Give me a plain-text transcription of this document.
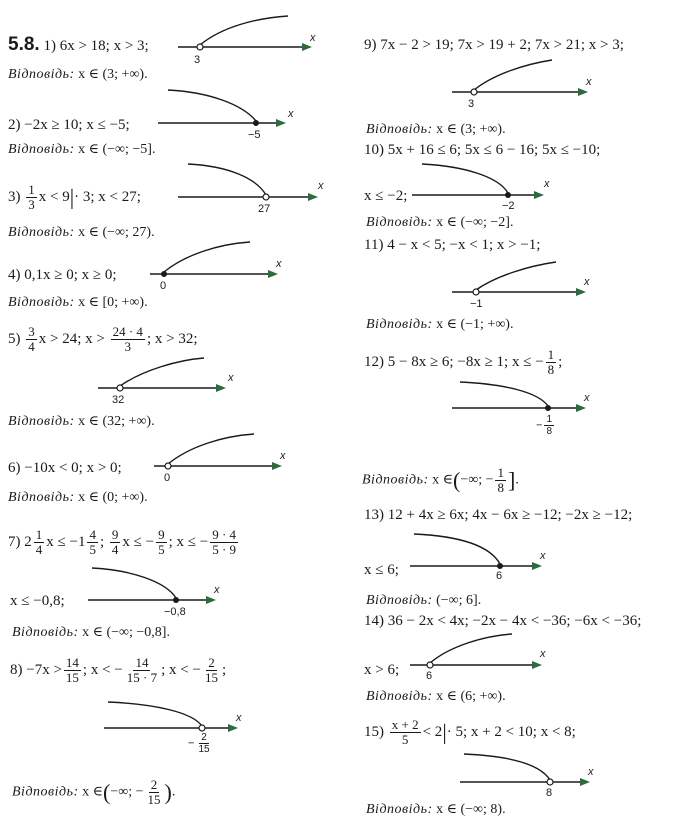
5.8. 1) 6x > 18; x > 3;
3
x
Відповідь: x ∈ (3; +∞).
2) −2x ≥ 10; x ≤ −5;
−5
x
Відповідь: x ∈ (−∞; −5].
$3) \frac{1}{3}$ x < 9|· 3; x < 27;
27
x
Відповідь: x ∈ (−∞; 27).
4) 0,1x ≥ 0; x ≥ 0;
0
x
Відповідь: x ∈ [0; +∞).
$5) \frac{3}{4}$ x > 24; $x > \frac{24 \cdot 4}{3}$ ; x > 32;
32
x
Відповідь: x ∈ (32; +∞).
6) −10x < 0; x > 0;
0
x
Відповідь: x ∈ (0; +∞).
7) $2 \frac{1}{4}$ $x \le -1 \frac{4}{5}$ ; $\frac{9}{4}$ x ≤ − $\frac{9}{5}$ ; x ≤ − $\frac{9 \cdot 4}{5 \cdot 9}$
x ≤ −0,8;
−0,8
x
Відповідь: x ∈ (−∞; −0,8].
$8) -7x > \frac{14}{15}$ ; x < − $\frac{14}{15 \cdot 7}$ ; x < − $\frac{2}{15}$ ;
− $\frac{2}{15}$
x
Відповідь: x ∈(−∞; − $\frac{2}{15}$ ).
9) 7x − 2 > 19; 7x > 19 + 2; 7x > 21; x > 3;
3
x
Відповідь: x ∈ (3; +∞).
10) 5x + 16 ≤ 6; 5x ≤ 6 − 16; 5x ≤ −10;
x ≤ −2;
−2
x
Відповідь: x ∈ (−∞; −2].
11) 4 − x < 5; −x < 1; x > −1;
−1
x
Відповідь: x ∈ (−1; +∞).
12) 5 − 8x ≥ 6; −8x ≥ 1; x ≤ − $\frac{1}{8}$ ;
− $\frac{1}{8}$
x
Відповідь: x ∈(−∞; − $\frac{1}{8}$ ].
13) 12 + 4x ≥ 6x; 4x − 6x ≥ −12; −2x ≥ −12;
x ≤ 6;	6
x
Відповідь: (−∞; 6].
14) 36 − 2x < 4x; −2x − 4x < −36; −6x < −36;
x > 6; 6
x
Відповідь: x ∈ (6; +∞).
$15) \frac{x + 2}{5} < 2|\cdot 5$; x + 2 < 10; x < 8;
8
x
Відповідь: x ∈ (−∞; 8).
